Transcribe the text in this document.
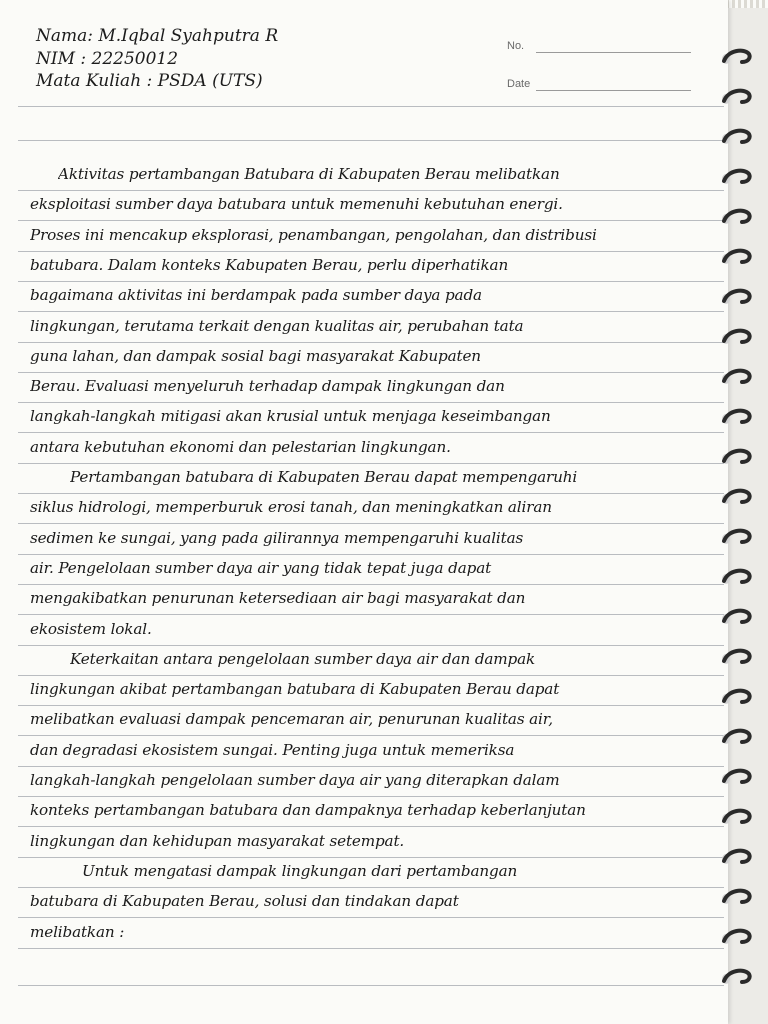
No.
Date
Nama: M.Iqbal Syahputra R
NIM : 22250012
Mata Kuliah : PSDA (UTS)
Aktivitas pertambangan Batubara di Kabupaten Berau melibatkan
eksploitasi sumber daya batubara untuk memenuhi kebutuhan energi.
Proses ini mencakup eksplorasi, penambangan, pengolahan, dan distribusi
batubara. Dalam konteks Kabupaten Berau, perlu diperhatikan
bagaimana aktivitas ini berdampak pada sumber daya pada
lingkungan, terutama terkait dengan kualitas air, perubahan tata
guna lahan, dan dampak sosial bagi masyarakat Kabupaten
Berau. Evaluasi menyeluruh terhadap dampak lingkungan dan
langkah-langkah mitigasi akan krusial untuk menjaga keseimbangan
antara kebutuhan ekonomi dan pelestarian lingkungan.
Pertambangan batubara di Kabupaten Berau dapat mempengaruhi
siklus hidrologi, memperburuk erosi tanah, dan meningkatkan aliran
sedimen ke sungai, yang pada gilirannya mempengaruhi kualitas
air. Pengelolaan sumber daya air yang tidak tepat juga dapat
mengakibatkan penurunan ketersediaan air bagi masyarakat dan
ekosistem lokal.
Keterkaitan antara pengelolaan sumber daya air dan dampak
lingkungan akibat pertambangan batubara di Kabupaten Berau dapat
melibatkan evaluasi dampak pencemaran air, penurunan kualitas air,
dan degradasi ekosistem sungai. Penting juga untuk memeriksa
langkah-langkah pengelolaan sumber daya air yang diterapkan dalam
konteks pertambangan batubara dan dampaknya terhadap keberlanjutan
lingkungan dan kehidupan masyarakat setempat.
Untuk mengatasi dampak lingkungan dari pertambangan
batubara di Kabupaten Berau, solusi dan tindakan dapat
melibatkan :
